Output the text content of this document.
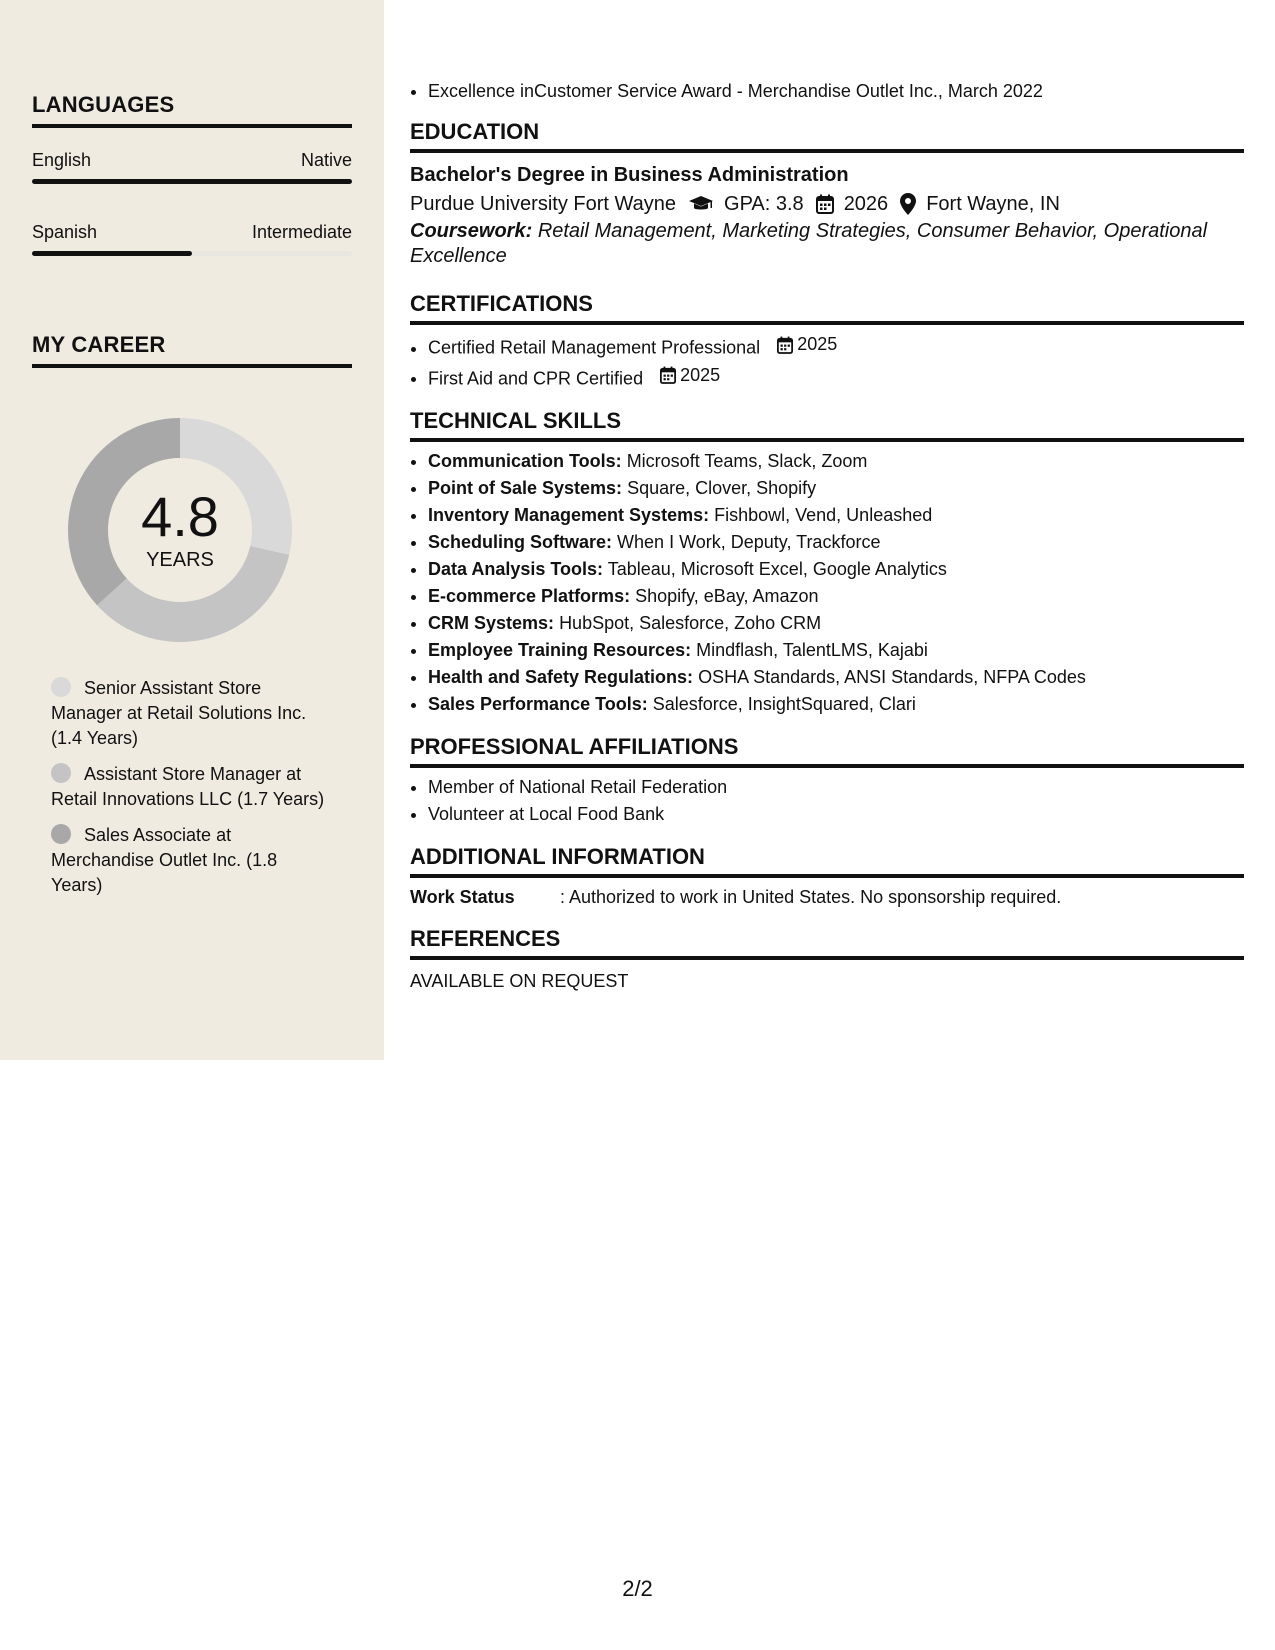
LANGUAGES
English	Native
Spanish	Intermediate
MY CAREER
4.8
YEARS
Senior Assistant Store Manager at Retail Solutions Inc. (1.4 Years)
Assistant Store Manager at Retail Innovations LLC (1.7 Years)
Sales Associate at Merchandise Outlet Inc. (1.8 Years)
• Excellence inCustomer Service Award - Merchandise Outlet Inc., March 2022
EDUCATION
Bachelor's Degree in Business Administration
Purdue University Fort Wayne GPA: 3.8 2026 Fort Wayne, IN
Coursework: Retail Management, Marketing Strategies, Consumer Behavior, Operational Excellence
CERTIFICATIONS
• Certified Retail Management Professional 2025
• First Aid and CPR Certified 2025
TECHNICAL SKILLS
• Communication Tools: Microsoft Teams, Slack, Zoom
• Point of Sale Systems: Square, Clover, Shopify
• Inventory Management Systems: Fishbowl, Vend, Unleashed
• Scheduling Software: When I Work, Deputy, Trackforce
• Data Analysis Tools: Tableau, Microsoft Excel, Google Analytics
• E-commerce Platforms: Shopify, eBay, Amazon
• CRM Systems: HubSpot, Salesforce, Zoho CRM
• Employee Training Resources: Mindflash, TalentLMS, Kajabi
• Health and Safety Regulations: OSHA Standards, ANSI Standards, NFPA Codes
• Sales Performance Tools: Salesforce, InsightSquared, Clari
PROFESSIONAL AFFILIATIONS
• Member of National Retail Federation
• Volunteer at Local Food Bank
ADDITIONAL INFORMATION
Work Status	: Authorized to work in United States. No sponsorship required.
REFERENCES
AVAILABLE ON REQUEST
2/2
